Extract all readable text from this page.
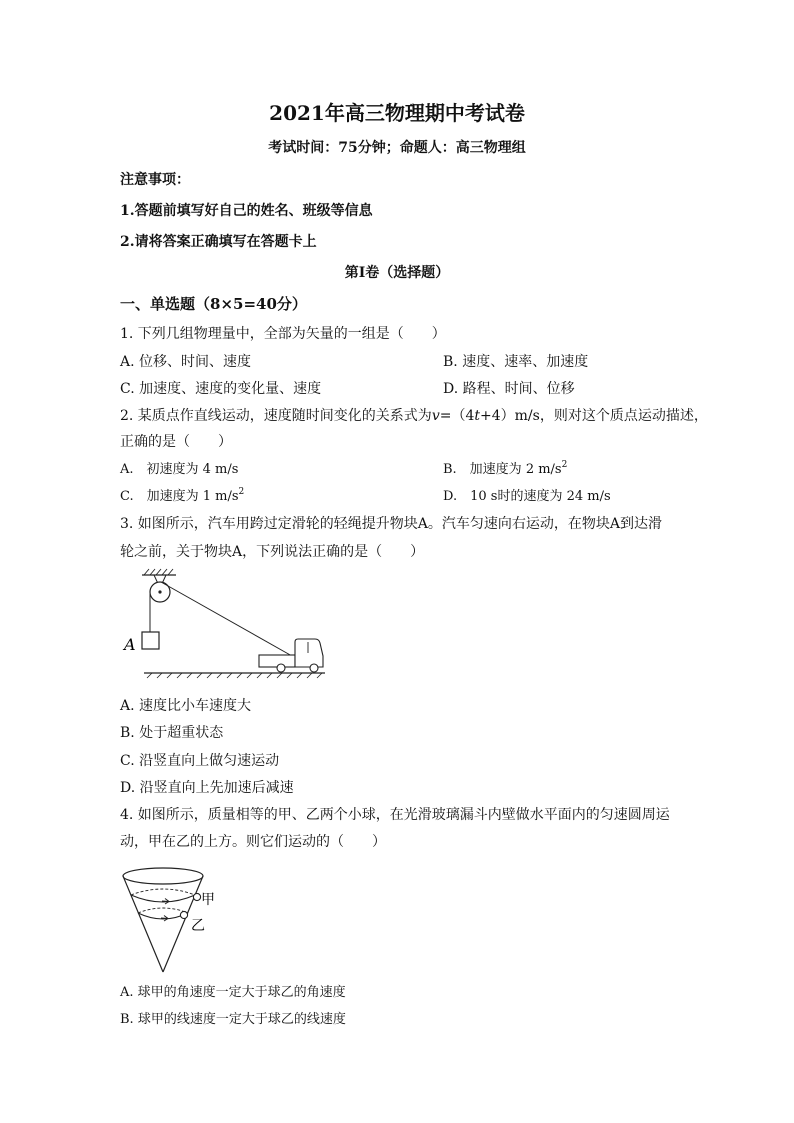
2021年高三物理期中考试卷
考试时间：75分钟；命题人：高三物理组
注意事项：
1.答题前填写好自己的姓名、班级等信息
2.请将答案正确填写在答题卡上
第Ⅰ卷（选择题）
一、单选题（8×5=40分）
1. 下列几组物理量中，全部为矢量的一组是（　　）
A. 位移、时间、速度	B. 速度、速率、加速度
C. 加速度、速度的变化量、速度	D. 路程、时间、位移
2. 某质点作直线运动，速度随时间变化的关系式为v=（4t+4）m/s，则对这个质点运动描述，
正确的是（　　）
A.　初速度为 4 m/s	B.　加速度为 2 $m/s^2$
C.　加速度为 1 $m/s^2$	D.　10 s时的速度为 24 m/s
3. 如图所示，汽车用跨过定滑轮的轻绳提升物块A。汽车匀速向右运动，在物块A到达滑
轮之前，关于物块A，下列说法正确的是（　　）
A
A. 速度比小车速度大
B. 处于超重状态
C. 沿竖直向上做匀速运动
D. 沿竖直向上先加速后减速
4. 如图所示，质量相等的甲、乙两个小球，在光滑玻璃漏斗内壁做水平面内的匀速圆周运
动，甲在乙的上方。则它们运动的（　　）
甲
乙
A. 球甲的角速度一定大于球乙的角速度
B. 球甲的线速度一定大于球乙的线速度
